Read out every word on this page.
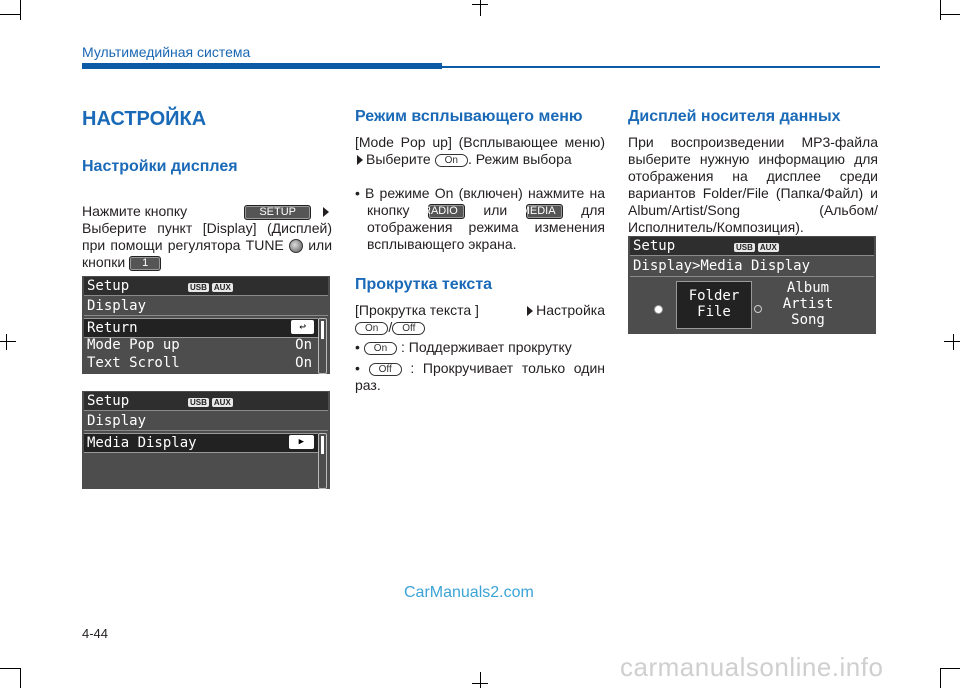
Мультимедийная система
НАСТРОЙКА
Настройки дисплея
Нажмите кнопку	SETUP
Выберите пункт [Display] (Дисплей) при помощи регулятора TUNE или кнопки 1
Setup	USB AUX
Display
Return	↩
Mode Pop up	On
Text Scroll	On
Setup	USB AUX
Display
Media Display	▶
Режим всплывающего меню
[Mode Pop up] (Всплывающее меню) Выберите On . Режим выбора
• В режиме On (включен) нажмите на кнопку RADIO или MEDIA для отображения режима изменения всплывающего экрана.
Прокрутка текста
[Прокрутка текста ]	Настройка
On / Off
• On : Поддерживает прокрутку
• Off : Прокручивает только один раз.
Дисплей носителя данных
При воспроизведении MP3-файла выберите нужную информацию для отображения на дисплее среди вариантов Folder/File (Папка/Файл) и Album/Artist/Song (Альбом/Исполнитель/Композиция).
Setup	USB AUX
Display>Media Display
Folder
File
Album
Artist
Song
CarManuals2.com
4-44
carmanualsonline.info
